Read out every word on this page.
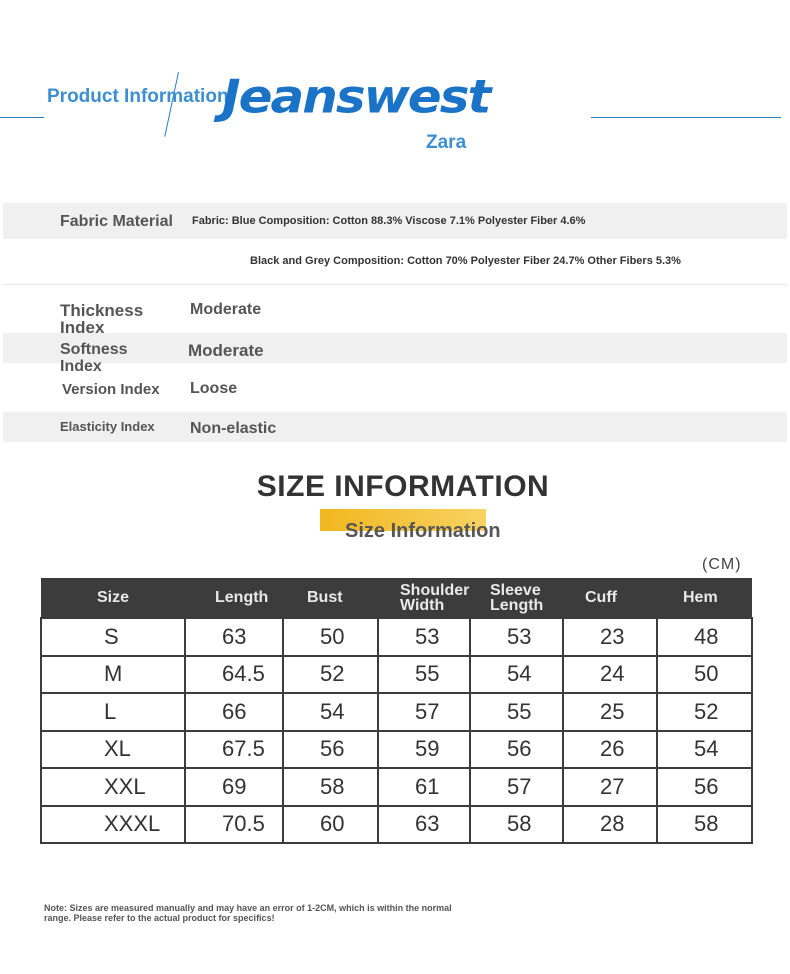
Product Information
Jeanswest
Zara
Fabric Material Fabric: Blue Composition: Cotton 88.3% Viscose 7.1% Polyester Fiber 4.6%
Black and Grey Composition: Cotton 70% Polyester Fiber 24.7% Other Fibers 5.3%
Thickness Index
Moderate
Softness Index
Moderate
Version Index Loose
Elasticity Index Non-elastic
SIZE INFORMATION
Size Information
(CM)
Size	Length	Bust	Shoulder Width	Sleeve Length	Cuff	Hem
S	63	50	53	53	23	48
M	64.5	52	55	54	24	50
L	66	54	57	55	25	52
XL	67.5	56	59	56	26	54
XXL	69	58	61	57	27	56
XXXL	70.5	60	63	58	28	58
Note: Sizes are measured manually and may have an error of 1-2CM, which is within the normal range. Please refer to the actual product for specifics!
